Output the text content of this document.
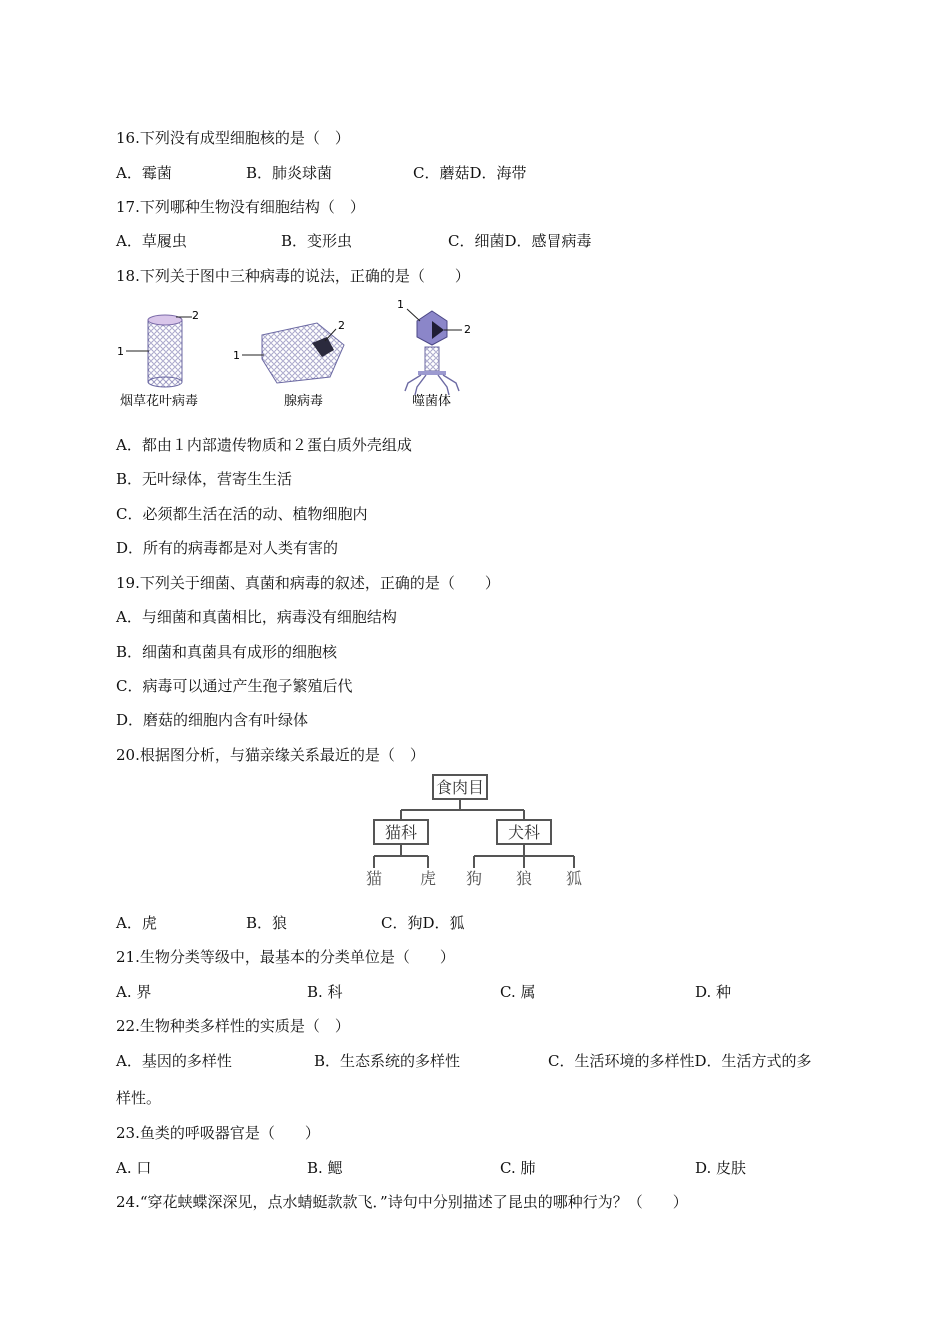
16.下列没有成型细胞核的是（　）
A．霉菌	B．肺炎球菌	C．蘑菇D．海带
17.下列哪种生物没有细胞结构（　）
A．草履虫	B．变形虫	C．细菌D．感冒病毒
18.下列关于图中三种病毒的说法，正确的是（　　）
1
2
烟草花叶病毒
1
2
腺病毒
1
2
噬菌体
A．都由１内部遗传物质和２蛋白质外壳组成
B．无叶绿体，营寄生生活
C．必须都生活在活的动、植物细胞内
D．所有的病毒都是对人类有害的
19.下列关于细菌、真菌和病毒的叙述，正确的是（　　）
A．与细菌和真菌相比，病毒没有细胞结构
B．细菌和真菌具有成形的细胞核
C．病毒可以通过产生孢子繁殖后代
D．磨菇的细胞内含有叶绿体
20.根据图分析，与猫亲缘关系最近的是（　）
食肉目
猫科	犬科
猫 虎 狗 狼 狐
A．虎	B．狼	C．狗D．狐
21.生物分类等级中，最基本的分类单位是（　　）
A. 界	B. 科	C. 属	D. 种
22.生物种类多样性的实质是（　）
A．基因的多样性	B．生态系统的多样性	C．生活环境的多样性D．生活方式的多
样性。
23.鱼类的呼吸器官是（　　）
A. 口	B. 鳃	C. 肺	D. 皮肤
24.“穿花蛱蝶深深见，点水蜻蜓款款飞．”诗句中分别描述了昆虫的哪种行为？（　　）
